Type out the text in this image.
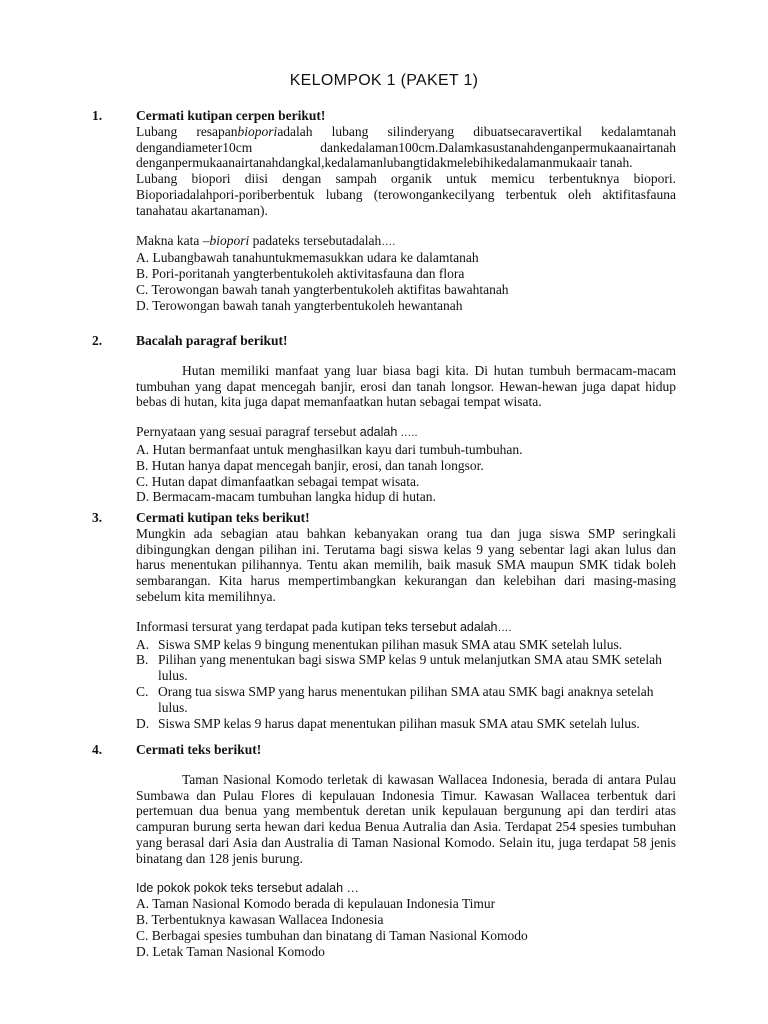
KELOMPOK 1 (PAKET 1)
1.	Cermati kutipan cerpen berikut!

Lubang resapanbioporiadalah lubang silinderyang dibuatsecaravertikal kedalamtanah dengandiameter10cm dankedalaman100cm.Dalamkasustanahdenganpermukaanairtanah denganpermukaanairtanahdangkal,kedalamanlubangtidakmelebihikedalamanmukaair tanah.

Lubang biopori diisi dengan sampah organik untuk memicu terbentuknya biopori. Bioporiadalahpori-poriberbentuk lubang (terowongankecilyang terbentuk oleh aktifitasfauna tanahatau akartanaman).

Makna kata –biopori padateks tersebutadalah….

A. Lubangbawah tanahuntukmemasukkan udara ke dalamtanah

B. Pori-poritanah yangterbentukoleh aktivitasfauna dan flora

C. Terowongan bawah tanah yangterbentukoleh aktifitas bawahtanah

D. Terowongan bawah tanah yangterbentukoleh hewantanah

2.	Bacalah paragraf berikut!

Hutan memiliki manfaat yang luar biasa bagi kita. Di hutan tumbuh bermacam-macam tumbuhan yang dapat mencegah banjir, erosi dan tanah longsor. Hewan-hewan juga dapat hidup bebas di hutan, kita juga dapat memanfaatkan hutan sebagai tempat wisata.

Pernyataan yang sesuai paragraf tersebut adalah …..

A. Hutan bermanfaat untuk menghasilkan kayu dari tumbuh-tumbuhan.

B. Hutan hanya dapat mencegah banjir, erosi, dan tanah longsor.

C. Hutan dapat dimanfaatkan sebagai tempat wisata.

D. Bermacam-macam tumbuhan langka hidup di hutan.

3.	Cermati kutipan teks berikut!

Mungkin ada sebagian atau bahkan kebanyakan orang tua dan juga siswa SMP seringkali dibingungkan dengan pilihan ini. Terutama bagi siswa kelas 9 yang sebentar lagi akan lulus dan harus menentukan pilihannya. Tentu akan memilih, baik masuk SMA maupun SMK tidak boleh sembarangan. Kita harus mempertimbangkan kekurangan dan kelebihan dari masing-masing sebelum kita memilihnya.

Informasi tersurat yang terdapat pada kutipan teks tersebut adalah….

A. Siswa SMP kelas 9 bingung menentukan pilihan masuk SMA atau SMK setelah lulus.
B. Pilihan yang menentukan bagi siswa SMP kelas 9 untuk melanjutkan SMA atau SMK setelah lulus.
C. Orang tua siswa SMP yang harus menentukan pilihan SMA atau SMK bagi anaknya setelah lulus.
D. Siswa SMP kelas 9 harus dapat menentukan pilihan masuk SMA atau SMK setelah lulus.
4.	Cermati teks berikut!

Taman Nasional Komodo terletak di kawasan Wallacea Indonesia, berada di antara Pulau Sumbawa dan Pulau Flores di kepulauan Indonesia Timur. Kawasan Wallacea terbentuk dari pertemuan dua benua yang membentuk deretan unik kepulauan bergunung api dan terdiri atas campuran burung serta hewan dari kedua Benua Autralia dan Asia. Terdapat 254 spesies tumbuhan yang berasal dari Asia dan Australia di Taman Nasional Komodo. Selain itu, juga terdapat 58 jenis binatang dan 128 jenis burung.

Ide pokok pokok teks tersebut adalah …

A. Taman Nasional Komodo berada di kepulauan Indonesia Timur

B. Terbentuknya kawasan Wallacea Indonesia

C. Berbagai spesies tumbuhan dan binatang di Taman Nasional Komodo

D. Letak Taman Nasional Komodo
